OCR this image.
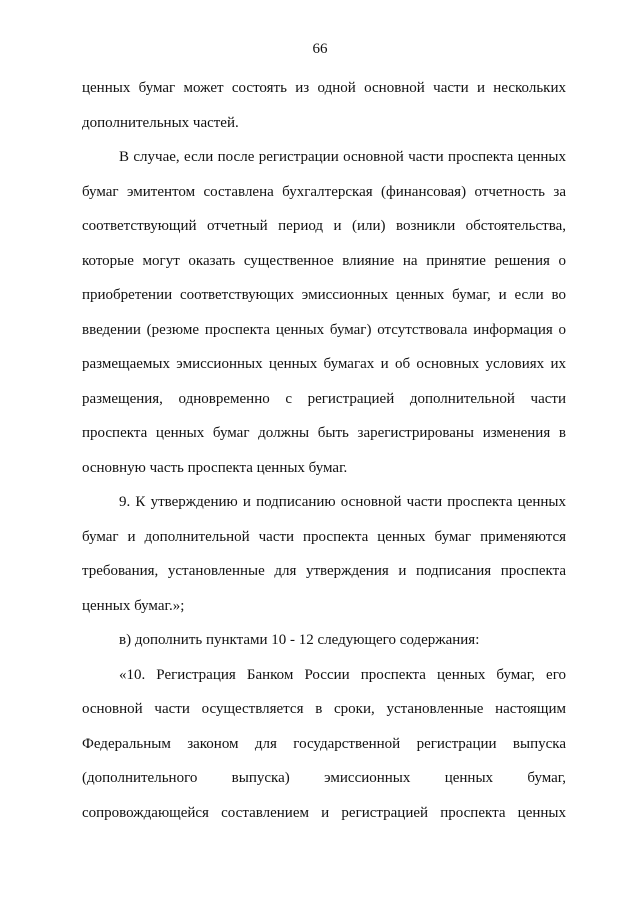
66

ценных бумаг может состоять из одной основной части и нескольких
дополнительных частей.

В случае, если после регистрации основной части проспекта ценных
бумаг эмитентом составлена бухгалтерская (финансовая) отчетность за
соответствующий отчетный период и (или) возникли обстоятельства,
которые могут оказать существенное влияние на принятие решения о
приобретении соответствующих эмиссионных ценных бумаг, и если во
введении (резюме проспекта ценных бумаг) отсутствовала информация о
размещаемых эмиссионных ценных бумагах и об основных условиях их
размещения, одновременно с регистрацией дополнительной части
проспекта ценных бумаг должны быть зарегистрированы изменения в
основную часть проспекта ценных бумаг.

9. К утверждению и подписанию основной части проспекта ценных
бумаг и дополнительной части проспекта ценных бумаг применяются
требования, установленные для утверждения и подписания проспекта
ценных бумаг.»;

в) дополнить пунктами 10 - 12 следующего содержания:

«10. Регистрация Банком России проспекта ценных бумаг, его
основной части осуществляется в сроки, установленные настоящим
Федеральным законом для государственной регистрации выпуска
(дополнительного выпуска) эмиссионных ценных бумаг,
сопровождающейся составлением и регистрацией проспекта ценных
